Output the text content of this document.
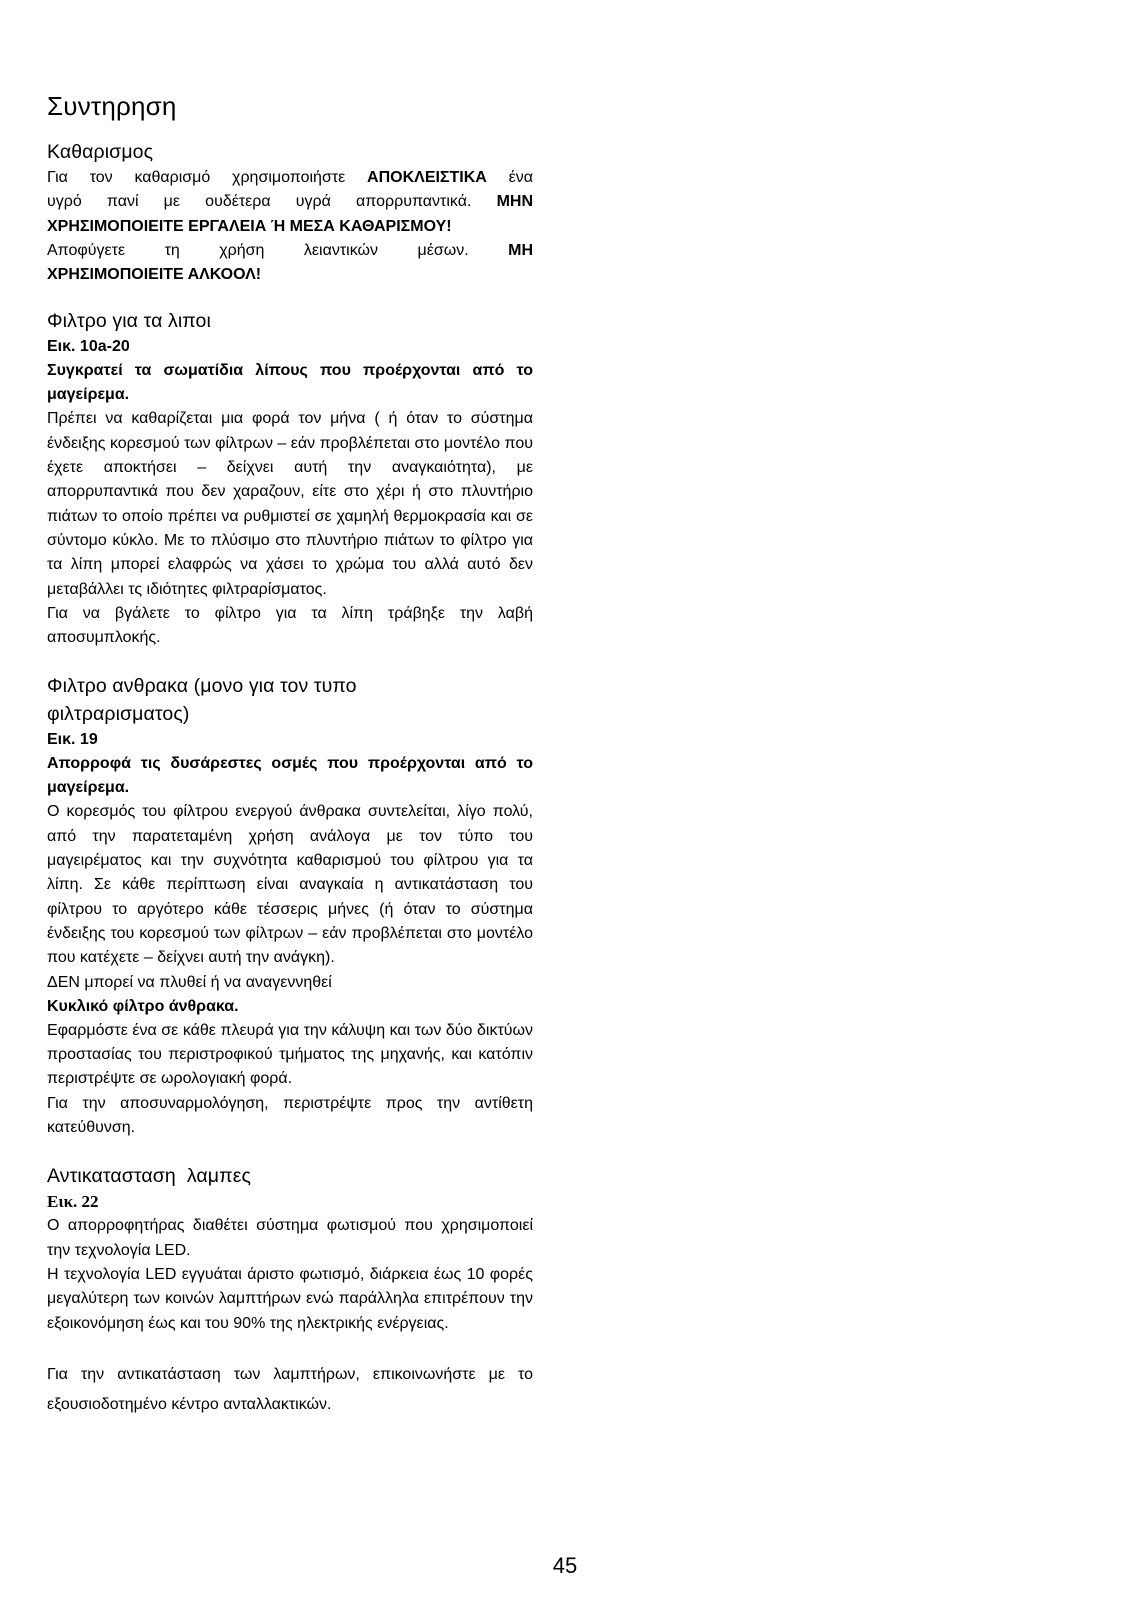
Συντηρηση
Καθαρισμος
Για τον καθαρισμό χρησιμοποιήστε ΑΠΟΚΛΕΙΣΤΙΚΑ ένα
υγρό πανί με ουδέτερα υγρά απορρυπαντικά. ΜΗΝ
ΧΡΗΣΙΜΟΠΟΙΕΙΤΕ ΕΡΓΑΛΕΙΑ Ή ΜΕΣΑ ΚΑΘΑΡΙΣΜΟΥ!
Αποφύγετε τη χρήση λειαντικών μέσων. ΜΗ
ΧΡΗΣΙΜΟΠΟΙΕΙΤΕ ΑΛΚΟΟΛ!
Φιλτρο για τα λιποι

Εικ. 10a-20

Συγκρατεί τα σωματίδια λίπους που προέρχονται από το μαγείρεμα.

Πρέπει να καθαρίζεται μια φορά τον μήνα ( ή όταν το σύστημα ένδειξης κορεσμού των φίλτρων – εάν προβλέπεται στο μοντέλο που έχετε αποκτήσει – δείχνει αυτή την αναγκαιότητα), με απορρυπαντικά που δεν χαραζουν, είτε στο χέρι ή στο πλυντήριο πιάτων το οποίο πρέπει να ρυθμιστεί σε χαμηλή θερμοκρασία και σε σύντομο κύκλο. Με το πλύσιμο στο πλυντήριο πιάτων το φίλτρο για τα λίπη μπορεί ελαφρώς να χάσει το χρώμα του αλλά αυτό δεν μεταβάλλει τς ιδιότητες φιλτραρίσματος.

Για να βγάλετε το φίλτρο για τα λίπη τράβηξε την λαβή αποσυμπλοκής.

Φιλτρο ανθρακα (μονο για τον τυπο
φιλτραρισματος)

Εικ. 19

Απορροφά τις δυσάρεστες οσμές που προέρχονται από το μαγείρεμα.

Ο κορεσμός του φίλτρου ενεργού άνθρακα συντελείται, λίγο πολύ, από την παρατεταμένη χρήση ανάλογα με τον τύπο του μαγειρέματος και την συχνότητα καθαρισμού του φίλτρου για τα λίπη. Σε κάθε περίπτωση είναι αναγκαία η αντικατάσταση του φίλτρου το αργότερο κάθε τέσσερις μήνες (ή όταν το σύστημα ένδειξης του κορεσμού των φίλτρων – εάν προβλέπεται στο μοντέλο που κατέχετε – δείχνει αυτή την ανάγκη).

ΔΕΝ μπορεί να πλυθεί ή να αναγεννηθεί

Κυκλικό φίλτρο άνθρακα.

Εφαρμόστε ένα σε κάθε πλευρά για την κάλυψη και των δύο δικτύων προστασίας του περιστροφικού τμήματος της μηχανής, και κατόπιν περιστρέψτε σε ωρολογιακή φορά.

Για την αποσυναρμολόγηση, περιστρέψτε προς την αντίθετη κατεύθυνση.

Αντικατασταση  λαμπες

Εικ. 22

Ο απορροφητήρας διαθέτει σύστημα φωτισμού που χρησιμοποιεί την τεχνολογία LED.

Η τεχνολογία LED εγγυάται άριστο φωτισμό, διάρκεια έως 10 φορές μεγαλύτερη των κοινών λαμπτήρων ενώ παράλληλα επιτρέπουν την εξοικονόμηση έως και του 90% της ηλεκτρικής ενέργειας.

Για την αντικατάσταση των λαμπτήρων, επικοινωνήστε με το εξουσιοδοτημένο κέντρο ανταλλακτικών.

45
